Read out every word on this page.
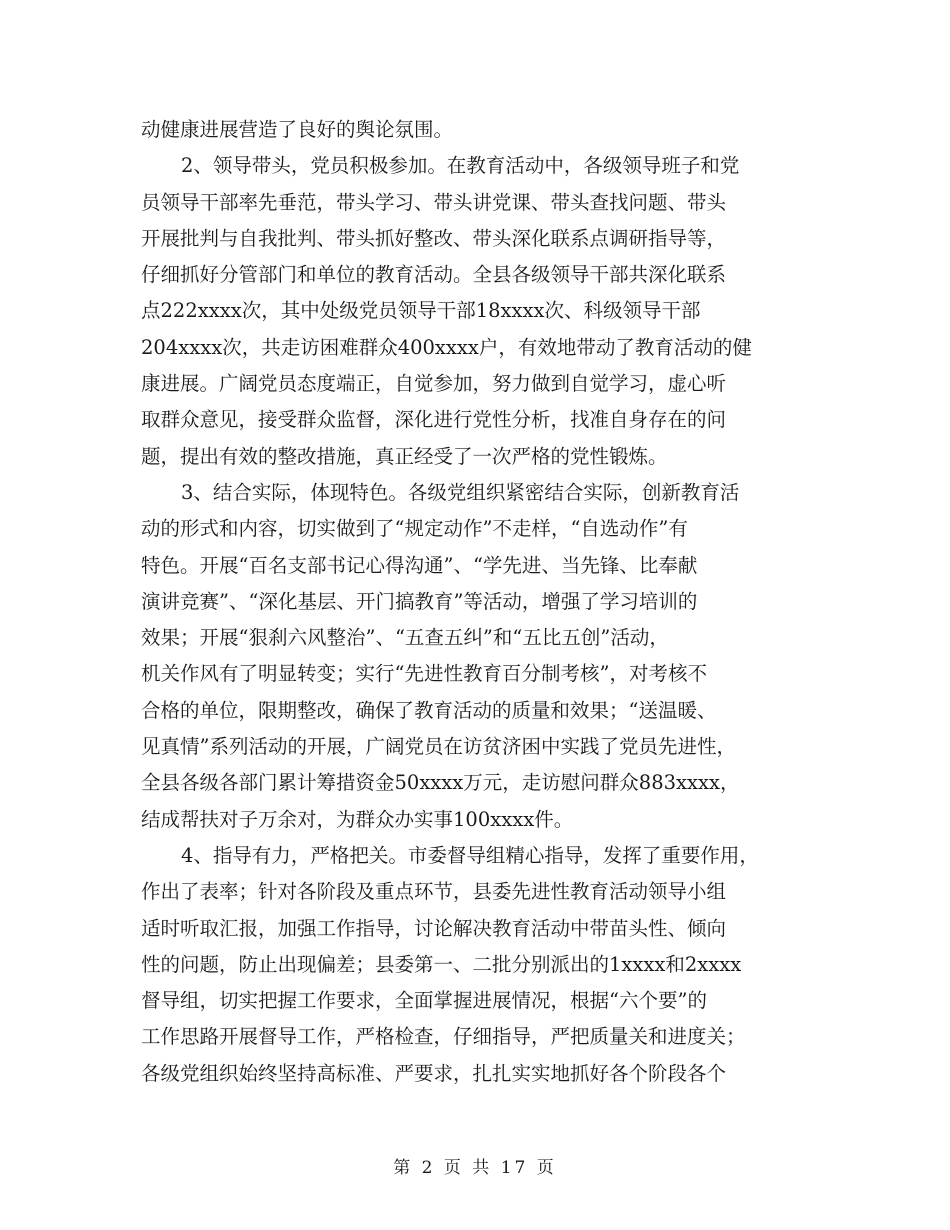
动健康进展营造了良好的舆论氛围。
2、领导带头，党员积极参加。在教育活动中，各级领导班子和党
员领导干部率先垂范，带头学习、带头讲党课、带头查找问题、带头
开展批判与自我批判、带头抓好整改、带头深化联系点调研指导等，
仔细抓好分管部门和单位的教育活动。全县各级领导干部共深化联系
点222xxxx次，其中处级党员领导干部18xxxx次、科级领导干部
204xxxx次，共走访困难群众400xxxx户，有效地带动了教育活动的健
康进展。广阔党员态度端正，自觉参加，努力做到自觉学习，虚心听
取群众意见，接受群众监督，深化进行党性分析，找准自身存在的问
题，提出有效的整改措施，真正经受了一次严格的党性锻炼。
3、结合实际，体现特色。各级党组织紧密结合实际，创新教育活
动的形式和内容，切实做到了“规定动作”不走样，“自选动作”有
特色。开展“百名支部书记心得沟通”、“学先进、当先锋、比奉献
演讲竞赛”、“深化基层、开门搞教育”等活动，增强了学习培训的
效果；开展“狠刹六风整治”、“五查五纠”和“五比五创”活动，
机关作风有了明显转变；实行“先进性教育百分制考核”，对考核不
合格的单位，限期整改，确保了教育活动的质量和效果；“送温暖、
见真情”系列活动的开展，广阔党员在访贫济困中实践了党员先进性，
全县各级各部门累计筹措资金50xxxx万元，走访慰问群众883xxxx，
结成帮扶对子万余对，为群众办实事100xxxx件。
4、指导有力，严格把关。市委督导组精心指导，发挥了重要作用，
作出了表率；针对各阶段及重点环节，县委先进性教育活动领导小组
适时听取汇报，加强工作指导，讨论解决教育活动中带苗头性、倾向
性的问题，防止出现偏差；县委第一、二批分别派出的1xxxx和2xxxx
督导组，切实把握工作要求，全面掌握进展情况，根据“六个要”的
工作思路开展督导工作，严格检查，仔细指导，严把质量关和进度关；
各级党组织始终坚持高标准、严要求，扎扎实实地抓好各个阶段各个
第 2 页 共 17 页
